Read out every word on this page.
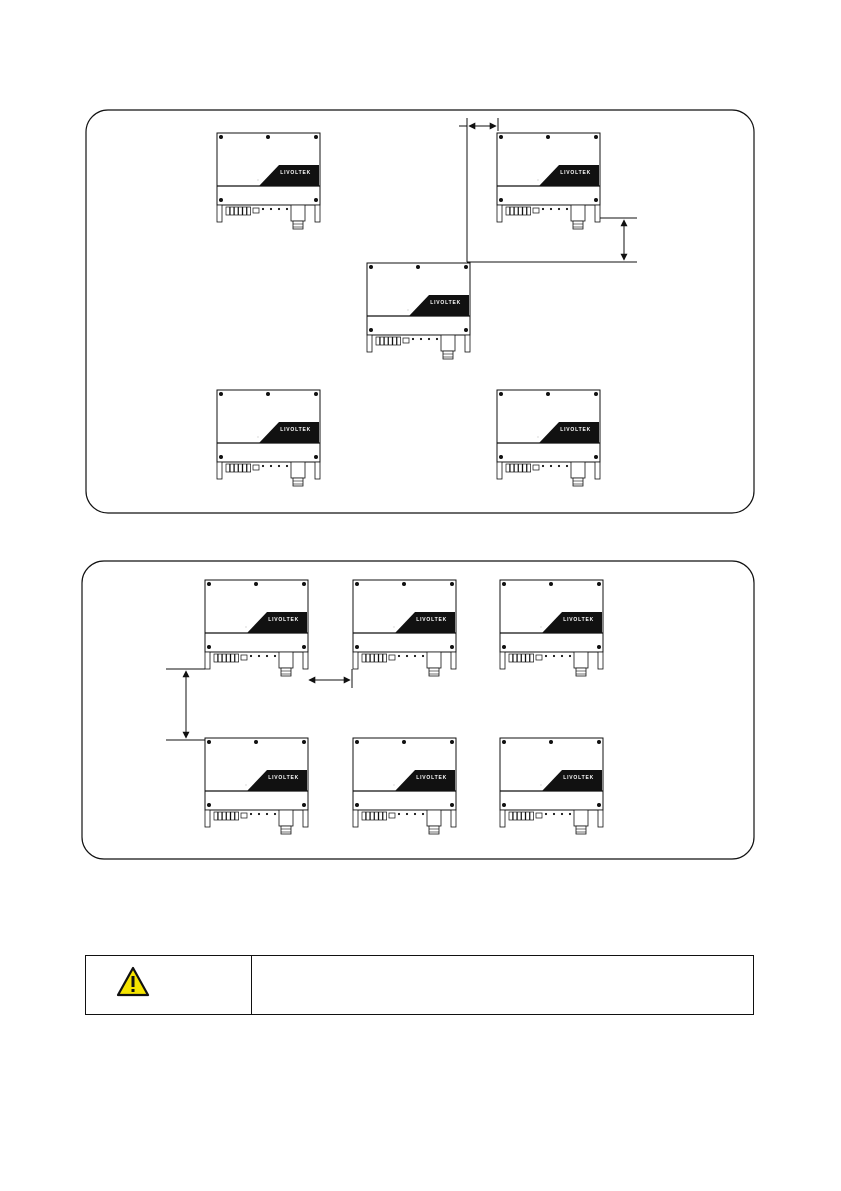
LIVOLTEK
::
LIVOLTEK
::
LIVOLTEK
::
LIVOLTEK
::
LIVOLTEK
::
LIVOLTEK
::
LIVOLTEK
::
LIVOLTEK
::
LIVOLTEK
::
LIVOLTEK
::
LIVOLTEK
::
